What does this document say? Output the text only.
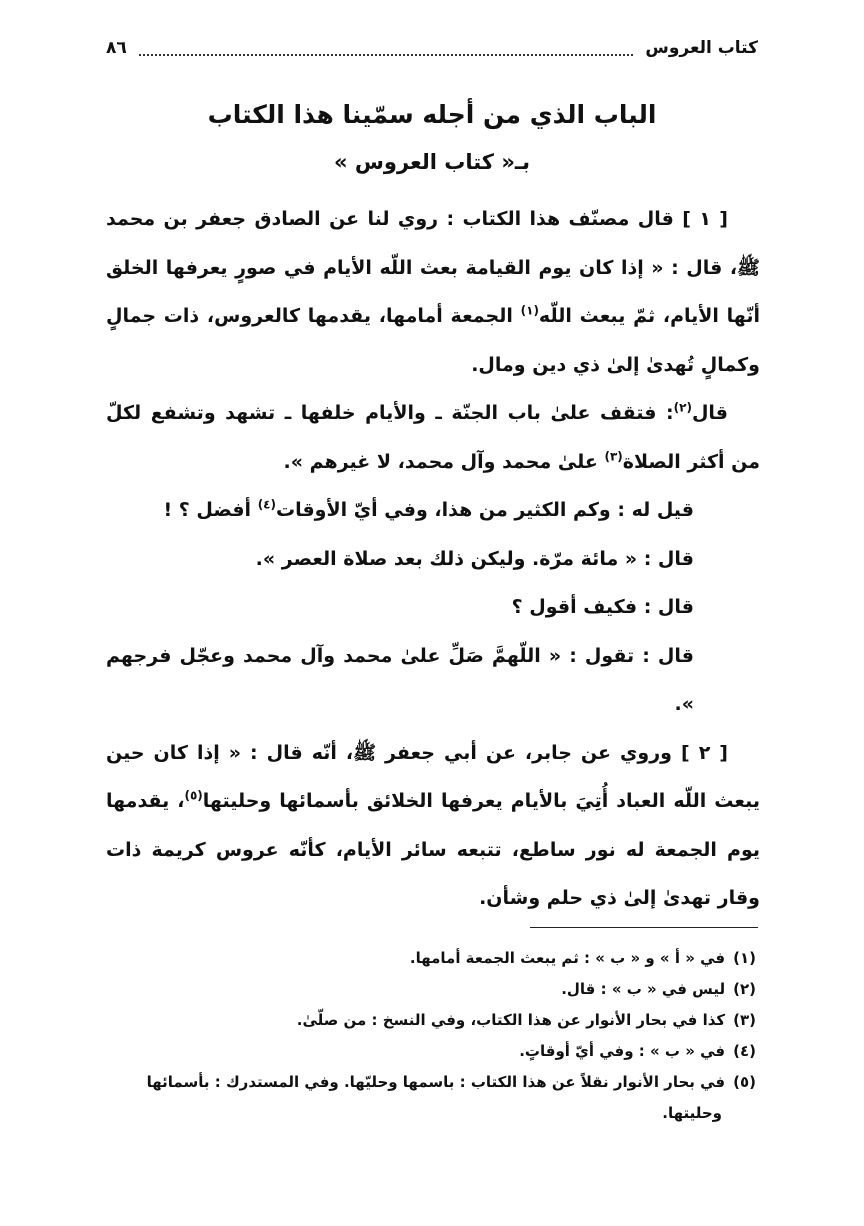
كتاب العروس
٨٦
الباب الذي من أجله سمّينا هذا الكتاب
بـ« كتاب العروس »

[ ١ ] قال مصنّف هذا الكتاب : روي لنا عن الصادق جعفر بن محمد ﷺ، قال : « إذا كان يوم القيامة بعث اللّه الأيام في صورٍ يعرفها الخلق أنّها الأيام، ثمّ يبعث اللّه$^{(١)}$ الجمعة أمامها، يقدمها كالعروس، ذات جمالٍ وكمالٍ تُهدىٰ إلىٰ ذي دين ومال.

قال$^{(٢)}$: فتقف علىٰ باب الجنّة ـ والأيام خلفها ـ تشهد وتشفع لكلّ من أكثر الصلاة$^{(٣)}$ علىٰ محمد وآل محمد، لا غيرهم ».

قيل له : وكم الكثير من هذا، وفي أيّ الأوقات$^{(٤)}$ أفضل ؟ !

قال : « مائة مرّة. وليكن ذلك بعد صلاة العصر ».

قال : فكيف أقول ؟

قال : تقول : « اللّهمَّ صَلِّ علىٰ محمد وآل محمد وعجّل فرجهم ».

[ ٢ ] وروي عن جابر، عن أبي جعفر ﷺ، أنّه قال : « إذا كان حين يبعث اللّه العباد أُتِيَ بالأيام يعرفها الخلائق بأسمائها وحليتها$^{(٥)}$، يقدمها يوم الجمعة له نور ساطع، تتبعه سائر الأيام، كأنّه عروس كريمة ذات وقار تهدىٰ إلىٰ ذي حلم وشأن.

(١)في « أ » و « ب » : ثم يبعث الجمعة أمامها.

(٢)ليس في « ب » : قال.

(٣)كذا في بحار الأنوار عن هذا الكتاب، وفي النسخ : من صلّىٰ.

(٤)في « ب » : وفي أيّ أوقاتٍ.

(٥)في بحار الأنوار نقلاً عن هذا الكتاب : باسمها وحليّها. وفي المستدرك : بأسمائها

وحليتها.
